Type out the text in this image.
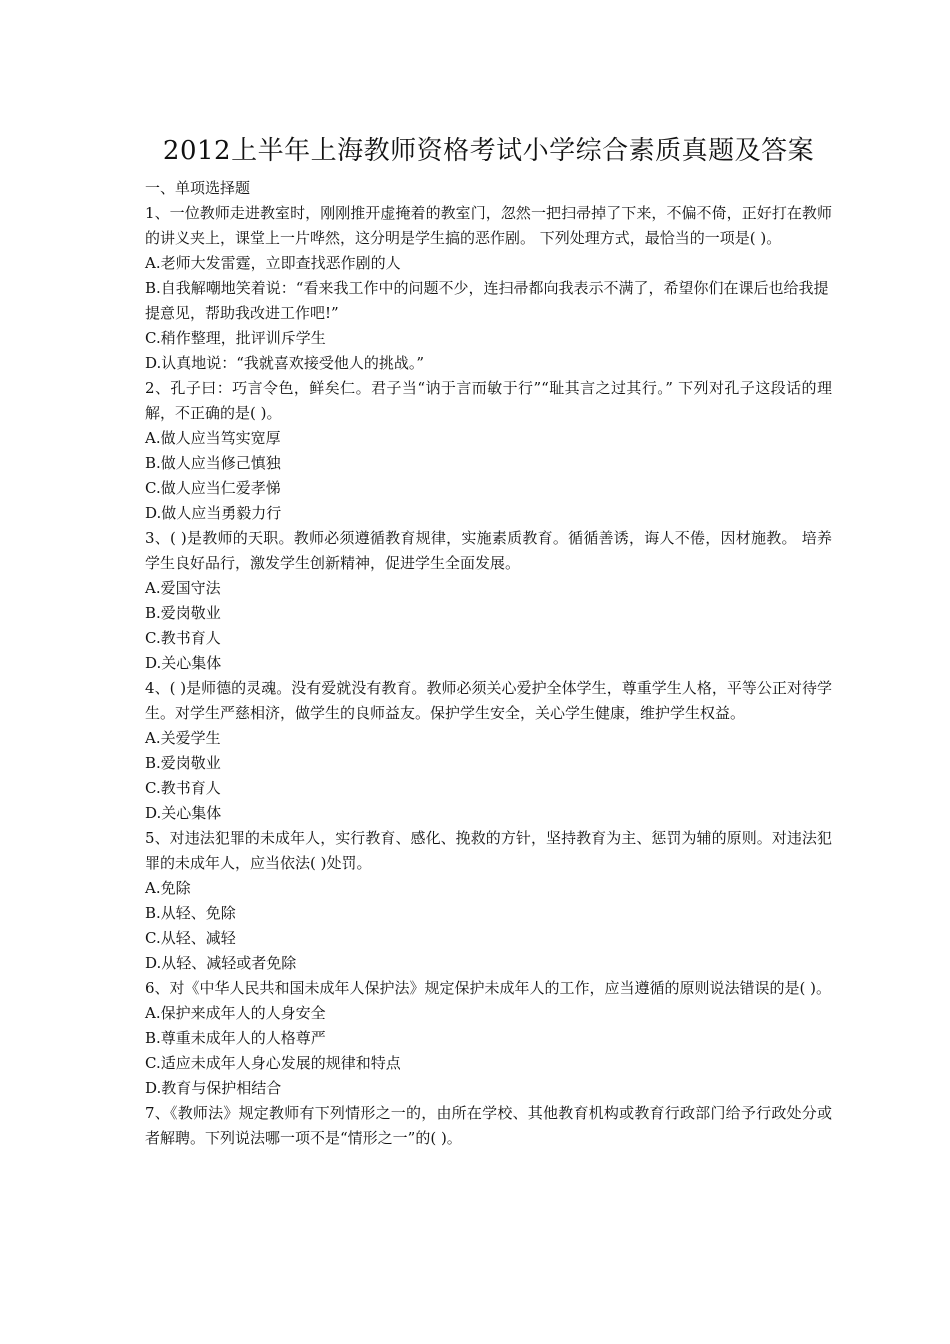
2012上半年上海教师资格考试小学综合素质真题及答案

一、单项选择题

1、一位教师走进教室时，刚刚推开虚掩着的教室门，忽然一把扫帚掉了下来，不偏不倚，正好打在教师的讲义夹上，课堂上一片哗然，这分明是学生搞的恶作剧。 下列处理方式，最恰当的一项是( )。

A.老师大发雷霆，立即查找恶作剧的人

B.自我解嘲地笑着说：“看来我工作中的问题不少，连扫帚都向我表示不满了，希望你们在课后也给我提提意见，帮助我改进工作吧!”

C.稍作整理，批评训斥学生

D.认真地说：“我就喜欢接受他人的挑战。”

2、孔子曰：巧言令色，鲜矣仁。君子当“讷于言而敏于行”“耻其言之过其行。” 下列对孔子这段话的理解，不正确的是( )。

A.做人应当笃实宽厚

B.做人应当修己慎独

C.做人应当仁爱孝悌

D.做人应当勇毅力行

3、( )是教师的天职。教师必须遵循教育规律，实施素质教育。循循善诱，诲人不倦，因材施教。 培养学生良好品行，激发学生创新精神，促进学生全面发展。

A.爱国守法

B.爱岗敬业

C.教书育人

D.关心集体

4、( )是师德的灵魂。没有爱就没有教育。教师必须关心爱护全体学生，尊重学生人格，平等公正对待学生。对学生严慈相济，做学生的良师益友。保护学生安全，关心学生健康，维护学生权益。

A.关爱学生

B.爱岗敬业

C.教书育人

D.关心集体

5、对违法犯罪的未成年人，实行教育、感化、挽救的方针，坚持教育为主、惩罚为辅的原则。对违法犯罪的未成年人，应当依法( )处罚。

A.免除

B.从轻、免除

C.从轻、减轻

D.从轻、减轻或者免除

6、对《中华人民共和国未成年人保护法》规定保护未成年人的工作，应当遵循的原则说法错误的是( )。

A.保护来成年人的人身安全

B.尊重未成年人的人格尊严

C.适应未成年人身心发展的规律和特点

D.教育与保护相结合

7、《教师法》规定教师有下列情形之一的，由所在学校、其他教育机构或教育行政部门给予行政处分或者解聘。下列说法哪一项不是“情形之一”的( )。
